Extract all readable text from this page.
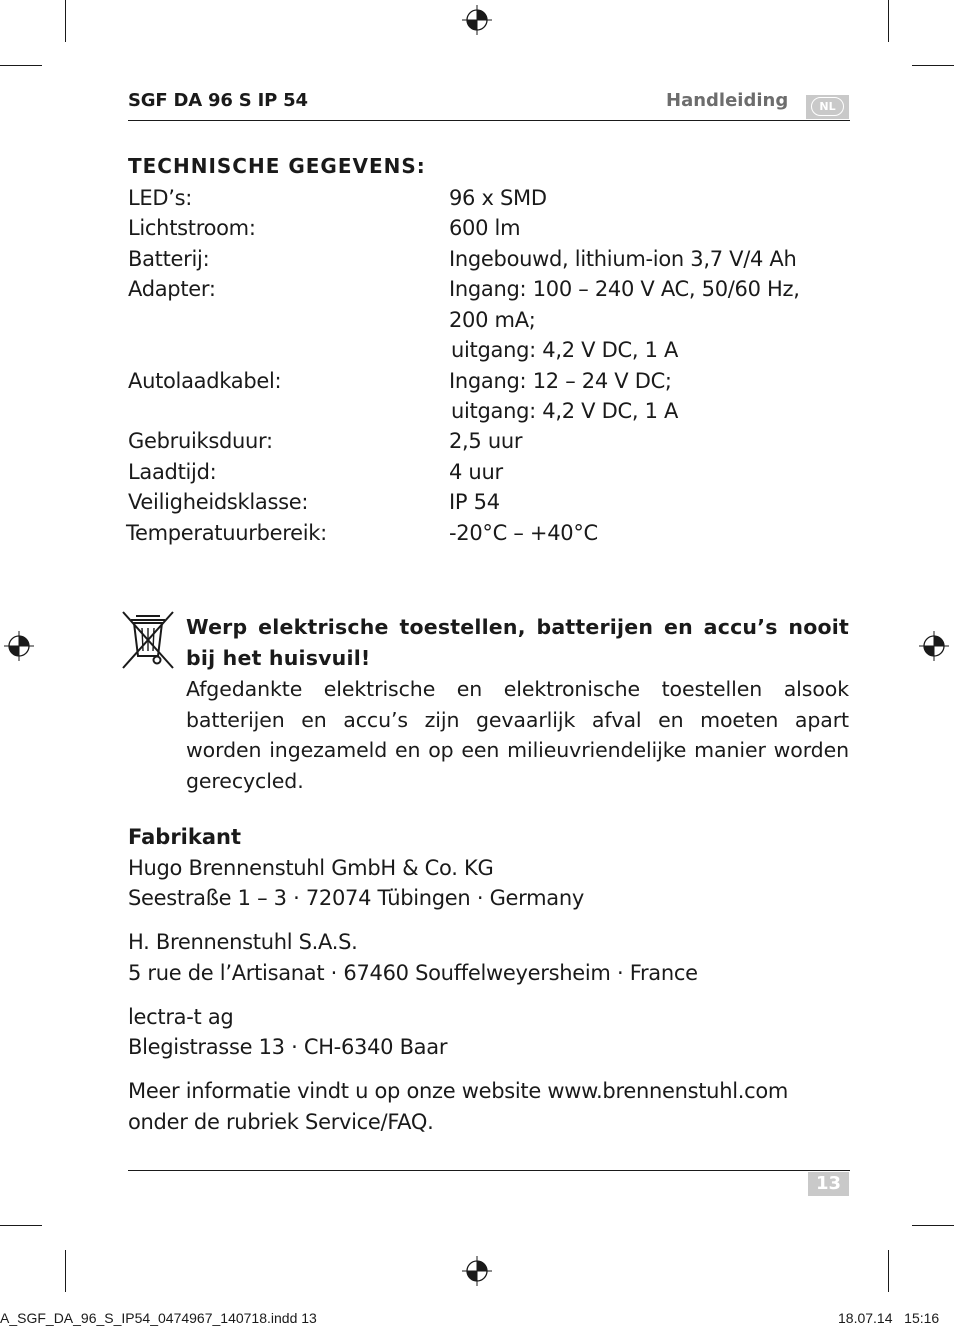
SGF DA 96 S IP 54	Handleiding	NL
TECHNISCHE GEGEVENS:
LED’s:	96 x SMD
Lichtstroom:	600 lm
Batterij:	Ingebouwd, lithium-ion 3,7 V/4 Ah
Adapter:	Ingang: 100 – 240 V AC, 50/60 Hz,
200 mA;
uitgang: 4,2 V DC, 1 A
Autolaadkabel:	Ingang: 12 – 24 V DC;
uitgang: 4,2 V DC, 1 A
Gebruiksduur:	2,5 uur
Laadtijd:	4 uur
Veiligheidsklasse:	IP 54
Temperatuurbereik:	-20°C – +40°C
Werp elektrische toestellen, batterijen en accu’s nooit bij het huisvuil!
Afgedankte elektrische en elektronische toestellen alsook batterijen en accu’s zijn gevaarlijk afval en moeten apart worden ingezameld en op een milieuvriendelijke manier worden gerecycled.
Fabrikant
Hugo Brennenstuhl GmbH & Co. KG
Seestraße 1 – 3 · 72074 Tübingen · Germany
H. Brennenstuhl S.A.S.
5 rue de l’Artisanat · 67460 Souffelweyersheim · France
lectra-t ag
Blegistrasse 13 · CH-6340 Baar
Meer informatie vindt u op onze website www.brennenstuhl.com
onder de rubriek Service/FAQ.
13
A_SGF_DA_96_S_IP54_0474967_140718.indd 13	18.07.14   15:16
